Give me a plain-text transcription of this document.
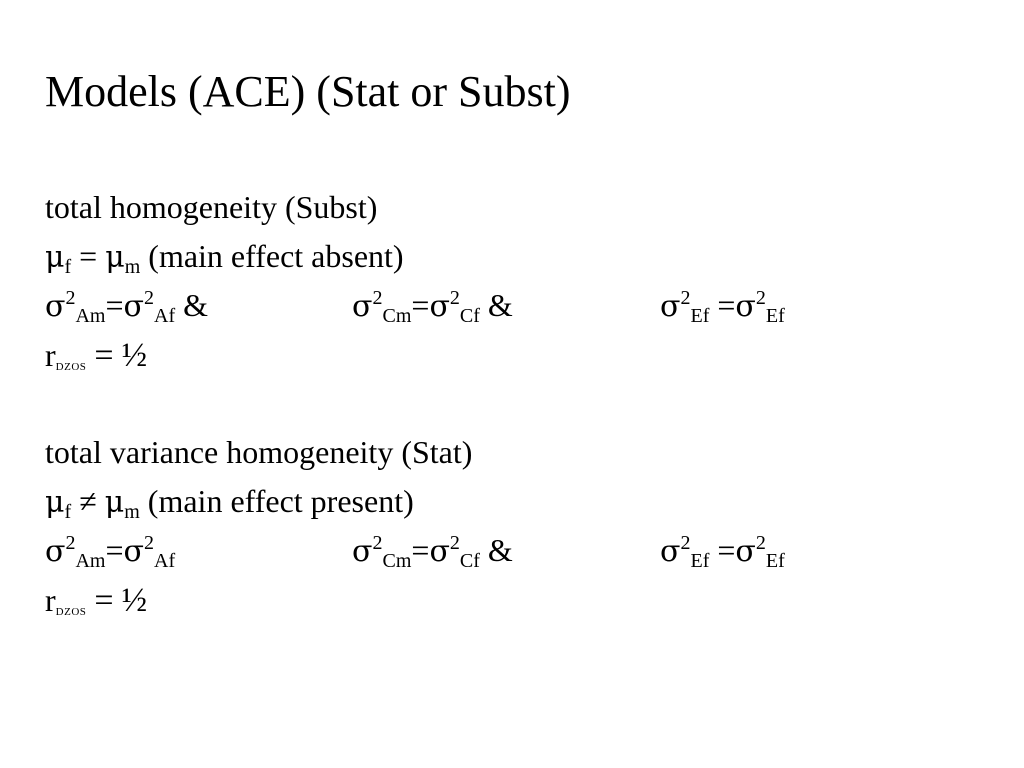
Models (ACE) (Stat or Subst)
total homogeneity (Subst)
$\mu_f = \mu_m$ (main effect absent)
$\sigma^2_{Am}=\sigma^2_{Af}$ &	$\sigma^2_{Cm}=\sigma^2_{Cf}$ &	$\sigma^2_{Ef} =\sigma^2_{Ef}$
$r_{DZOS}$ = ½
total variance homogeneity (Stat)
$\mu_f \ne \mu_m$ (main effect present)
$\sigma^2_{Am}=\sigma^2_{Af}$	$\sigma^2_{Cm}=\sigma^2_{Cf}$ &	$\sigma^2_{Ef} =\sigma^2_{Ef}$
$r_{DZOS}$ = ½
